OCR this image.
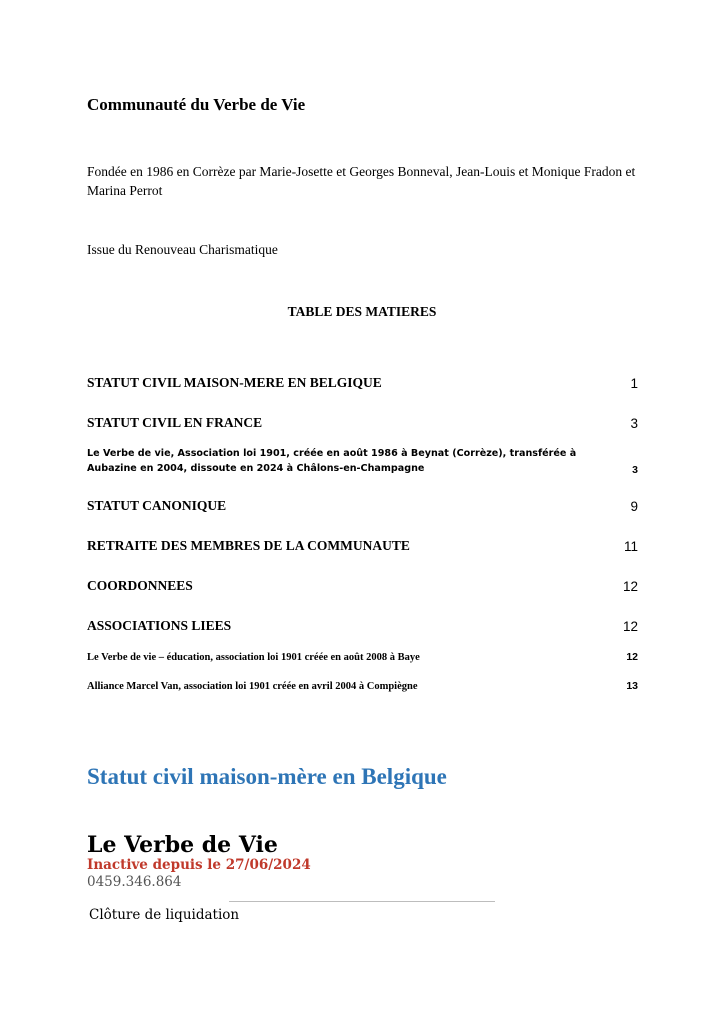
Communauté du Verbe de Vie
Fondée en 1986 en Corrèze par Marie-Josette et Georges Bonneval, Jean-Louis et Monique Fradon et Marina Perrot
Issue du Renouveau Charismatique
TABLE DES MATIERES
STATUT CIVIL MAISON-MERE EN BELGIQUE	1
STATUT CIVIL EN FRANCE	3
Le Verbe de vie, Association loi 1901, créée en août 1986 à Beynat (Corrèze), transférée à Aubazine en 2004, dissoute en 2024 à Châlons-en-Champagne	3
STATUT CANONIQUE	9
RETRAITE DES MEMBRES DE LA COMMUNAUTE	11
COORDONNEES	12
ASSOCIATIONS LIEES	12
Le Verbe de vie – éducation, association loi 1901 créée en août 2008 à Baye	12
Alliance Marcel Van, association loi 1901 créée en avril 2004 à Compiègne	13
Statut civil maison-mère en Belgique
Le Verbe de Vie
Inactive depuis le 27/06/2024
0459.346.864
Clôture de liquidation
